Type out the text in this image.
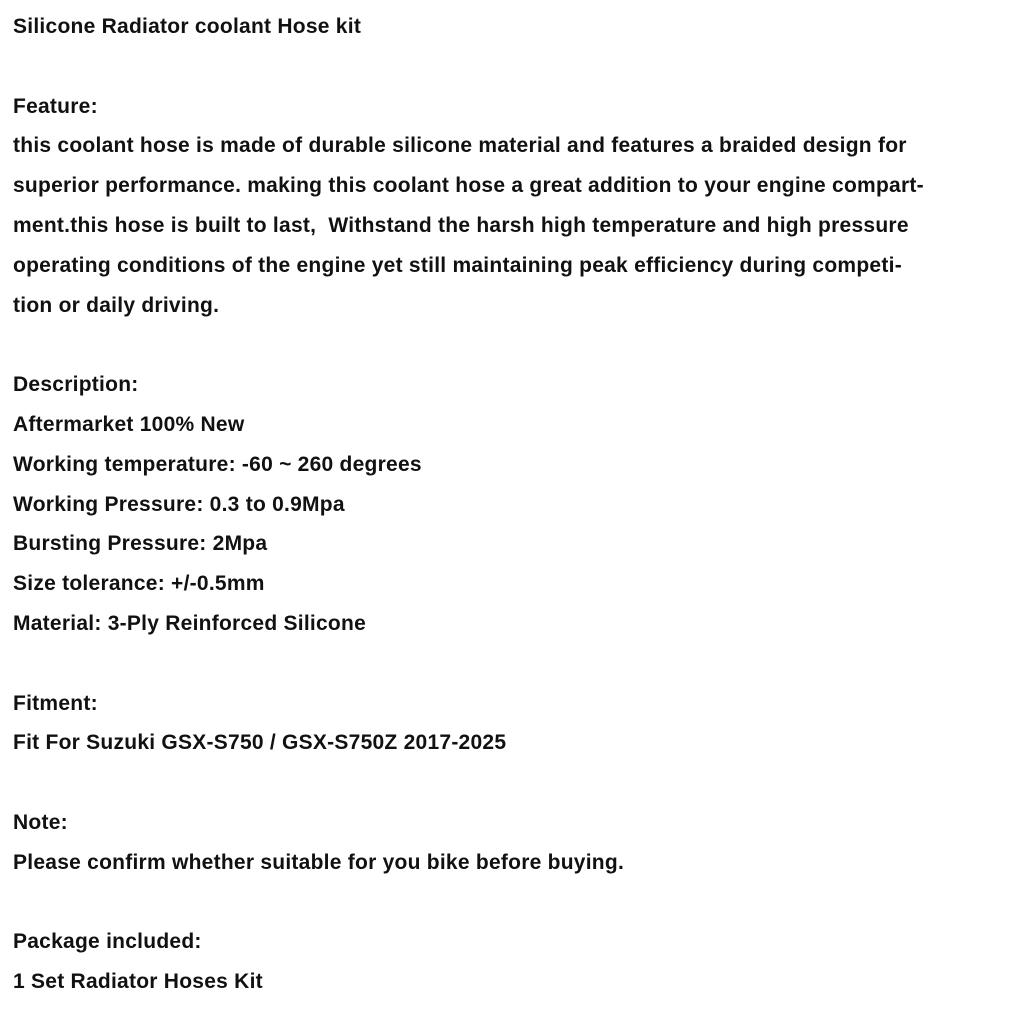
Silicone Radiator coolant Hose kit
Feature:
this coolant hose is made of durable silicone material and features a braided design for
superior performance. making this coolant hose a great addition to your engine compart-
ment.this hose is built to last,  Withstand the harsh high temperature and high pressure
operating conditions of the engine yet still maintaining peak efficiency during competi-
tion or daily driving.
Description:
Aftermarket 100% New
Working temperature: -60 ~ 260 degrees
Working Pressure: 0.3 to 0.9Mpa
Bursting Pressure: 2Mpa
Size tolerance: +/-0.5mm
Material: 3-Ply Reinforced Silicone
Fitment:
Fit For Suzuki GSX-S750 / GSX-S750Z 2017-2025
Note:
Please confirm whether suitable for you bike before buying.
Package included:
1 Set Radiator Hoses Kit
